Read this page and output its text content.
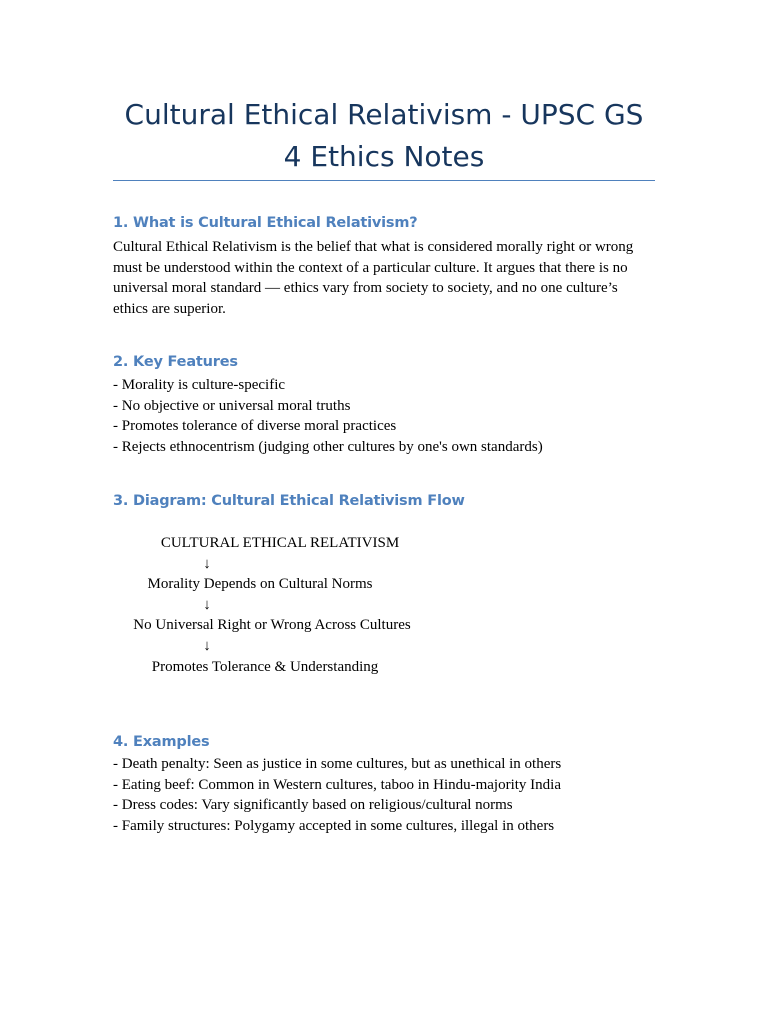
Cultural Ethical Relativism - UPSC GS 4 Ethics Notes
1. What is Cultural Ethical Relativism?

Cultural Ethical Relativism is the belief that what is considered morally right or wrong must be understood within the context of a particular culture. It argues that there is no universal moral standard — ethics vary from society to society, and no one culture’s ethics are superior.

2. Key Features
- Morality is culture-specific
- No objective or universal moral truths
- Promotes tolerance of diverse moral practices
- Rejects ethnocentrism (judging other cultures by one's own standards)
3. Diagram: Cultural Ethical Relativism Flow
CULTURAL ETHICAL RELATIVISM
↓
Morality Depends on Cultural Norms
↓
No Universal Right or Wrong Across Cultures
↓
Promotes Tolerance & Understanding
4. Examples
- Death penalty: Seen as justice in some cultures, but as unethical in others
- Eating beef: Common in Western cultures, taboo in Hindu-majority India
- Dress codes: Vary significantly based on religious/cultural norms
- Family structures: Polygamy accepted in some cultures, illegal in others
